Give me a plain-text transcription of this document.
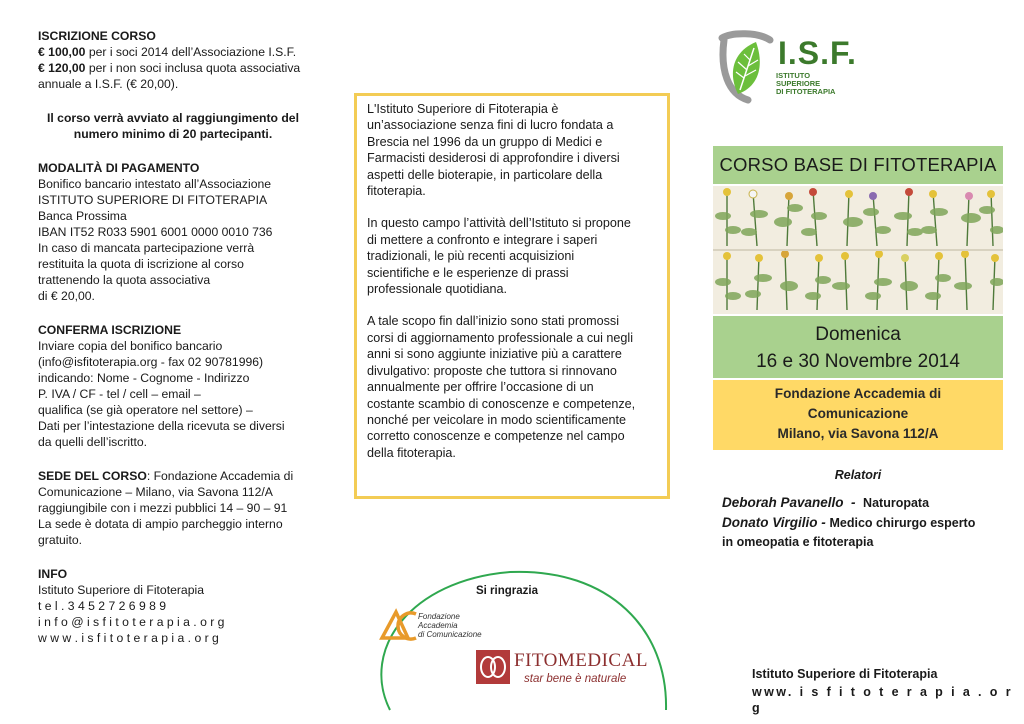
ISCRIZIONE CORSO
€ 100,00 per i soci 2014 dell’Associazione I.S.F.
€ 120,00 per i non soci inclusa quota associativa
annuale a I.S.F. (€ 20,00).
Il corso verrà avviato al raggiungimento del
numero minimo di 20 partecipanti.
MODALITÀ DI PAGAMENTO
Bonifico bancario intestato all’Associazione
ISTITUTO SUPERIORE DI FITOTERAPIA
Banca Prossima
IBAN IT52 R033 5901 6001 0000 0010 736
In caso di mancata partecipazione verrà
restituita la quota di iscrizione al corso
trattenendo la quota associativa
di € 20,00.
CONFERMA ISCRIZIONE
Inviare copia del bonifico bancario
(info@isfitoterapia.org - fax 02 90781996)
indicando: Nome - Cognome - Indirizzo
P. IVA / CF - tel / cell – email –
qualifica (se già operatore nel settore) –
Dati per l’intestazione della ricevuta se diversi
da quelli dell’iscritto.
SEDE DEL CORSO: Fondazione Accademia di
Comunicazione – Milano, via Savona 112/A
raggiungibile con i mezzi pubblici 14 – 90 – 91
La sede è dotata di ampio parcheggio interno
gratuito.
INFO
Istituto Superiore di Fitoterapia
t e l . 3 4 5 2 7 2 6 9 8 9
i n f o @ i s f i t o t e r a p i a . o r g
w w w . i s f i t o t e r a p i a . o r g

L'Istituto Superiore di Fitoterapia è
un’associazione senza fini di lucro fondata a
Brescia nel 1996 da un gruppo di Medici e
Farmacisti desiderosi di approfondire i diversi
aspetti delle bioterapie, in particolare della
fitoterapia.

In questo campo l’attività dell’Istituto si propone
di mettere a confronto e integrare i saperi
tradizionali, le più recenti acquisizioni
scientifiche e le esperienze di prassi
professionale quotidiana.

A tale scopo fin dall’inizio sono stati promossi
corsi di aggiornamento professionale a cui negli
anni si sono aggiunte iniziative più a carattere
divulgativo: proposte che tuttora si rinnovano
annualmente per offrire l’occasione di un
costante scambio di conoscenze e competenze,
nonché per veicolare in modo scientificamente
corretto conoscenze e competenze nel campo
della fitoterapia.

Si ringrazia
Fondazione
Accademia
di Comunicazione
FITOMEDICAL
star bene è naturale
I.S.F.
ISTITUTO
SUPERIORE
DI FITOTERAPIA
CORSO BASE DI FITOTERAPIA
Domenica
16 e 30 Novembre 2014
Fondazione Accademia di
Comunicazione
Milano, via Savona 112/A
Relatori
Deborah Pavanello  -  Naturopata
Donato Virgilio - Medico chirurgo esperto
in omeopatia e fitoterapia
Istituto Superiore di Fitoterapia
www. i s f i t o t e r a p i a . o r g
